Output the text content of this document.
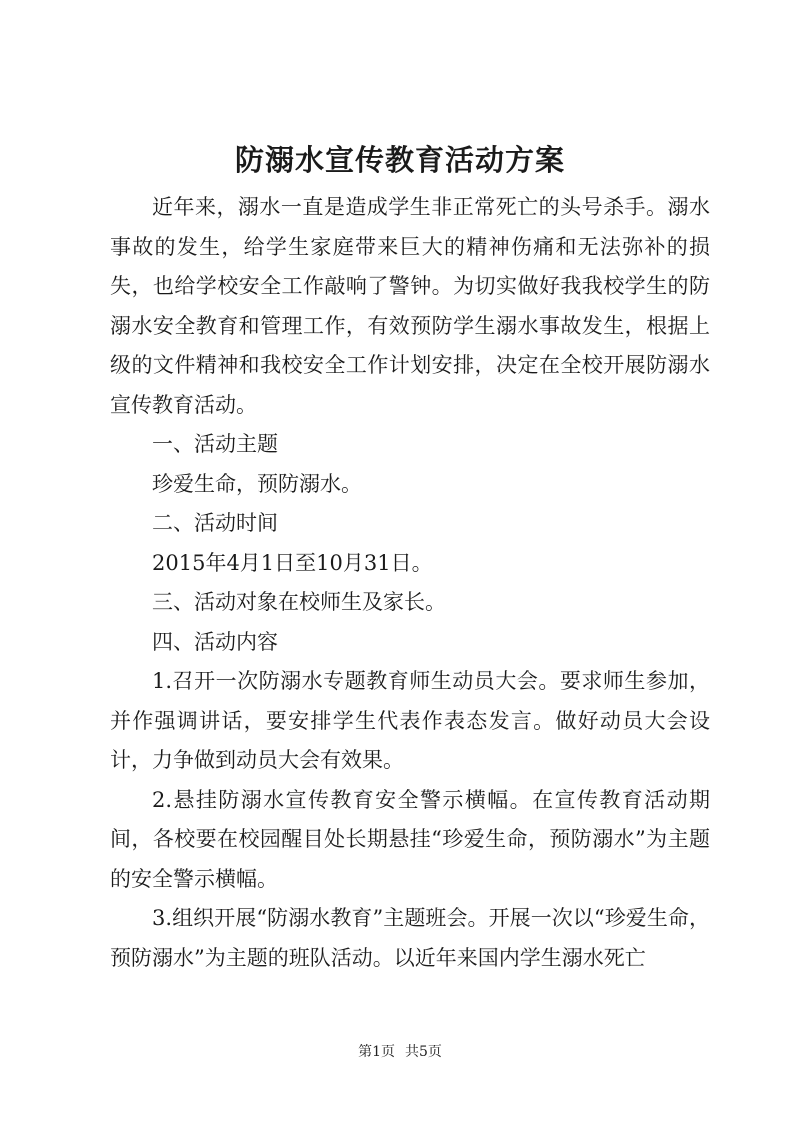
防溺水宣传教育活动方案

近年来，溺水一直是造成学生非正常死亡的头号杀手。溺水事故的发生，给学生家庭带来巨大的精神伤痛和无法弥补的损失，也给学校安全工作敲响了警钟。为切实做好我我校学生的防溺水安全教育和管理工作，有效预防学生溺水事故发生，根据上级的文件精神和我校安全工作计划安排，决定在全校开展防溺水宣传教育活动。

一、活动主题

珍爱生命，预防溺水。

二、活动时间

2015年4月1日至10月31日。

三、活动对象在校师生及家长。

四、活动内容

1.召开一次防溺水专题教育师生动员大会。要求师生参加，并作强调讲话，要安排学生代表作表态发言。做好动员大会设计，力争做到动员大会有效果。

2.悬挂防溺水宣传教育安全警示横幅。在宣传教育活动期间，各校要在校园醒目处长期悬挂“珍爱生命，预防溺水”为主题的安全警示横幅。

3.组织开展“防溺水教育”主题班会。开展一次以“珍爱生命，预防溺水”为主题的班队活动。以近年来国内学生溺水死亡

第1页 共5页
